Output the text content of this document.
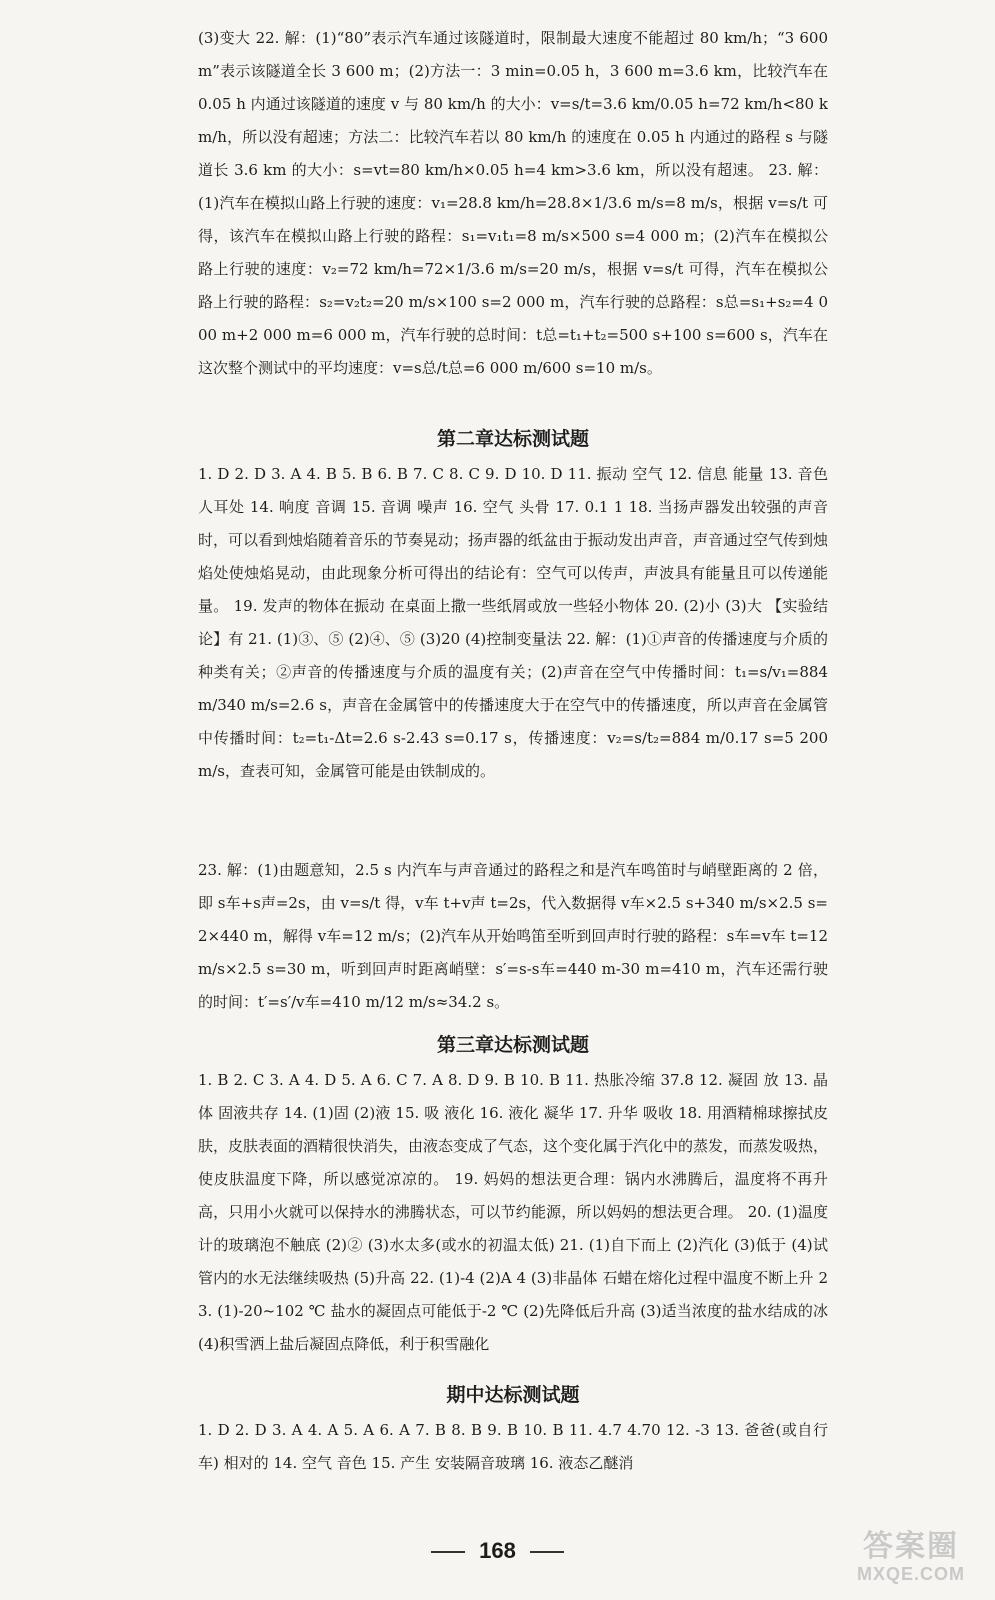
(3)变大 22. 解：(1)“80”表示汽车通过该隧道时，限制最大速度不能超过 80 km/h；“3 600 m”表示该隧道全长 3 600 m；(2)方法一：3 min=0.05 h，3 600 m=3.6 km，比较汽车在 0.05 h 内通过该隧道的速度 v 与 80 km/h 的大小：v=s/t=3.6 km/0.05 h=72 km/h<80 km/h，所以没有超速；方法二：比较汽车若以 80 km/h 的速度在 0.05 h 内通过的路程 s 与隧道长 3.6 km 的大小：s=vt=80 km/h×0.05 h=4 km>3.6 km，所以没有超速。 23. 解：(1)汽车在模拟山路上行驶的速度：v₁=28.8 km/h=28.8×1/3.6 m/s=8 m/s，根据 v=s/t 可得，该汽车在模拟山路上行驶的路程：s₁=v₁t₁=8 m/s×500 s=4 000 m；(2)汽车在模拟公路上行驶的速度：v₂=72 km/h=72×1/3.6 m/s=20 m/s，根据 v=s/t 可得，汽车在模拟公路上行驶的路程：s₂=v₂t₂=20 m/s×100 s=2 000 m，汽车行驶的总路程：s总=s₁+s₂=4 000 m+2 000 m=6 000 m，汽车行驶的总时间：t总=t₁+t₂=500 s+100 s=600 s，汽车在这次整个测试中的平均速度：v=s总/t总=6 000 m/600 s=10 m/s。

第二章达标测试题

1. D 2. D 3. A 4. B 5. B 6. B 7. C 8. C 9. D 10. D 11. 振动 空气 12. 信息 能量 13. 音色 人耳处 14. 响度 音调 15. 音调 噪声 16. 空气 头骨 17. 0.1 1 18. 当扬声器发出较强的声音时，可以看到烛焰随着音乐的节奏晃动；扬声器的纸盆由于振动发出声音，声音通过空气传到烛焰处使烛焰晃动，由此现象分析可得出的结论有：空气可以传声，声波具有能量且可以传递能量。 19. 发声的物体在振动 在桌面上撒一些纸屑或放一些轻小物体 20. (2)小 (3)大 【实验结论】有 21. (1)③、⑤ (2)④、⑤ (3)20 (4)控制变量法 22. 解：(1)①声音的传播速度与介质的种类有关；②声音的传播速度与介质的温度有关；(2)声音在空气中传播时间：t₁=s/v₁=884 m/340 m/s=2.6 s，声音在金属管中的传播速度大于在空气中的传播速度，所以声音在金属管中传播时间：t₂=t₁-Δt=2.6 s-2.43 s=0.17 s，传播速度：v₂=s/t₂=884 m/0.17 s=5 200 m/s，查表可知，金属管可能是由铁制成的。

23. 解：(1)由题意知，2.5 s 内汽车与声音通过的路程之和是汽车鸣笛时与峭壁距离的 2 倍，即 s车+s声=2s，由 v=s/t 得，v车 t+v声 t=2s，代入数据得 v车×2.5 s+340 m/s×2.5 s=2×440 m，解得 v车=12 m/s；(2)汽车从开始鸣笛至听到回声时行驶的路程：s车=v车 t=12 m/s×2.5 s=30 m，听到回声时距离峭壁：s′=s-s车=440 m-30 m=410 m，汽车还需行驶的时间：t′=s′/v车=410 m/12 m/s≈34.2 s。

第三章达标测试题

1. B 2. C 3. A 4. D 5. A 6. C 7. A 8. D 9. B 10. B 11. 热胀冷缩 37.8 12. 凝固 放 13. 晶体 固液共存 14. (1)固 (2)液 15. 吸 液化 16. 液化 凝华 17. 升华 吸收 18. 用酒精棉球擦拭皮肤，皮肤表面的酒精很快消失，由液态变成了气态，这个变化属于汽化中的蒸发，而蒸发吸热，使皮肤温度下降，所以感觉凉凉的。 19. 妈妈的想法更合理：锅内水沸腾后，温度将不再升高，只用小火就可以保持水的沸腾状态，可以节约能源，所以妈妈的想法更合理。 20. (1)温度计的玻璃泡不触底 (2)② (3)水太多(或水的初温太低) 21. (1)自下而上 (2)汽化 (3)低于 (4)试管内的水无法继续吸热 (5)升高 22. (1)-4 (2)A 4 (3)非晶体 石蜡在熔化过程中温度不断上升 23. (1)-20~102 ℃ 盐水的凝固点可能低于-2 ℃ (2)先降低后升高 (3)适当浓度的盐水结成的冰 (4)积雪洒上盐后凝固点降低，利于积雪融化

期中达标测试题

1. D 2. D 3. A 4. A 5. A 6. A 7. B 8. B 9. B 10. B 11. 4.7 4.70 12. -3 13. 爸爸(或自行车) 相对的 14. 空气 音色 15. 产生 安装隔音玻璃 16. 液态乙醚消

168	答案圈
MXQE.COM
